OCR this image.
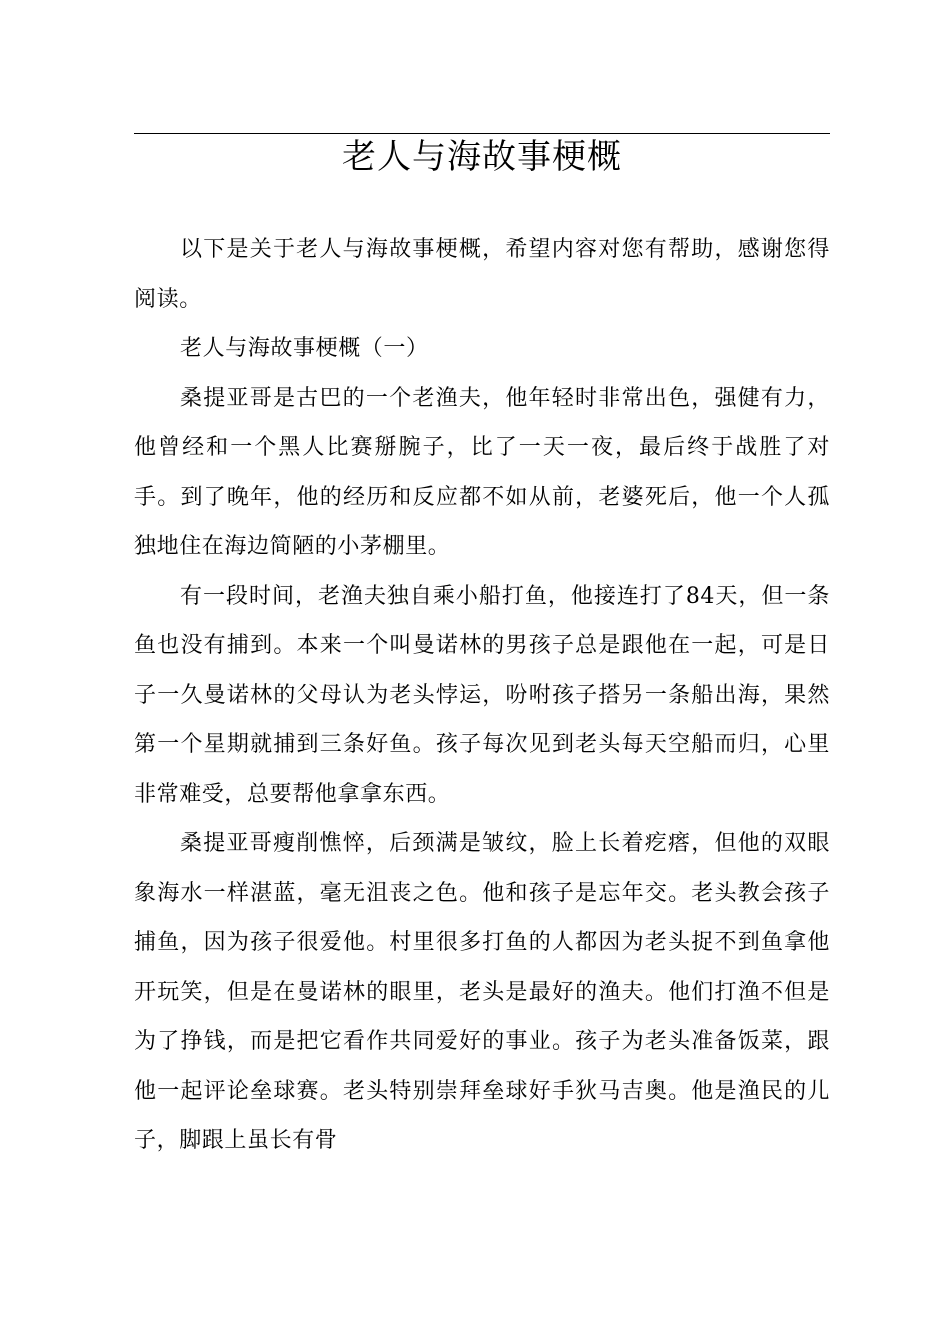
老人与海故事梗概

以下是关于老人与海故事梗概，希望内容对您有帮助，感谢您得阅读。

老人与海故事梗概（一）

桑提亚哥是古巴的一个老渔夫，他年轻时非常出色，强健有力，他曾经和一个黑人比赛掰腕子，比了一天一夜，最后终于战胜了对手。到了晚年，他的经历和反应都不如从前，老婆死后，他一个人孤独地住在海边简陋的小茅棚里。

有一段时间，老渔夫独自乘小船打鱼，他接连打了84天，但一条鱼也没有捕到。本来一个叫曼诺林的男孩子总是跟他在一起，可是日子一久曼诺林的父母认为老头悖运，吩咐孩子搭另一条船出海，果然第一个星期就捕到三条好鱼。孩子每次见到老头每天空船而归，心里非常难受，总要帮他拿拿东西。

桑提亚哥瘦削憔悴，后颈满是皱纹，脸上长着疙瘩，但他的双眼象海水一样湛蓝，毫无沮丧之色。他和孩子是忘年交。老头教会孩子捕鱼，因为孩子很爱他。村里很多打鱼的人都因为老头捉不到鱼拿他开玩笑，但是在曼诺林的眼里，老头是最好的渔夫。他们打渔不但是为了挣钱，而是把它看作共同爱好的事业。孩子为老头准备饭菜，跟他一起评论垒球赛。老头特别崇拜垒球好手狄马吉奥。他是渔民的儿子，脚跟上虽长有骨
